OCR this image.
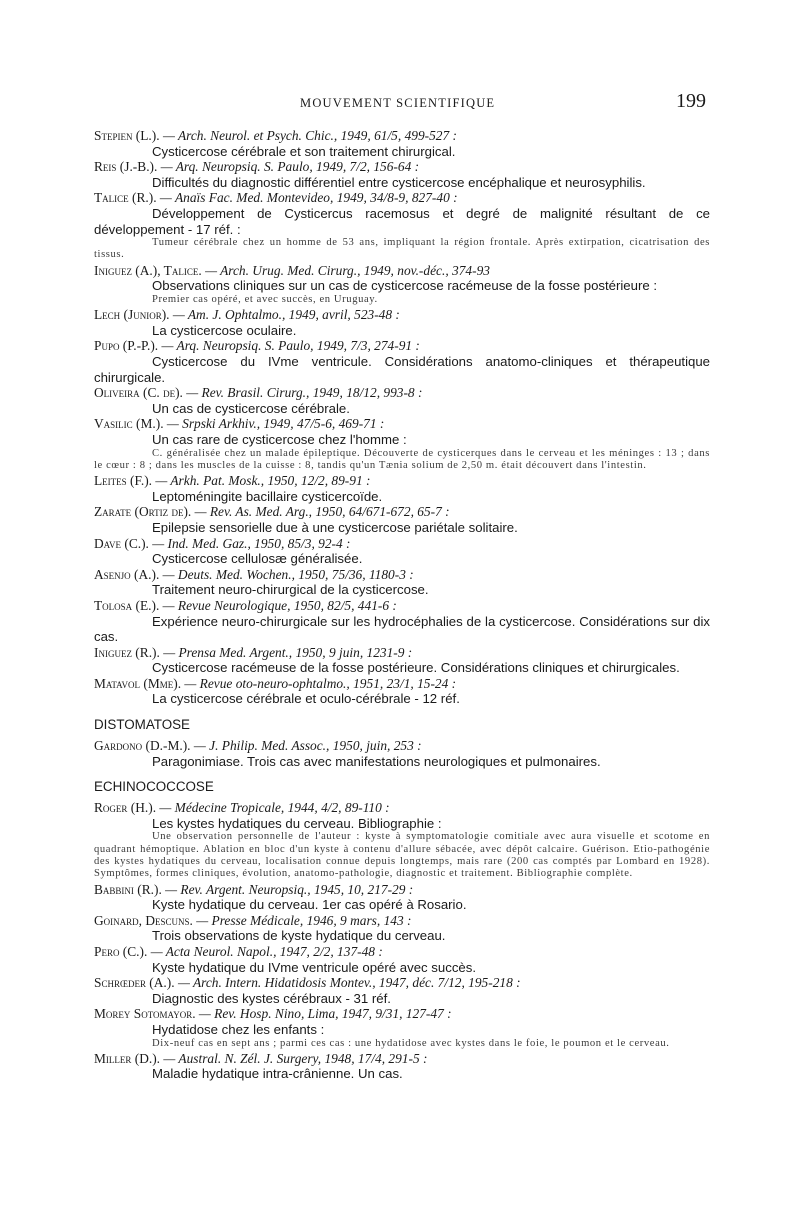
MOUVEMENT SCIENTIFIQUE	199

Stepien (L.). — Arch. Neurol. et Psych. Chic., 1949, 61/5, 499-527 :

Cysticercose cérébrale et son traitement chirurgical.

Reis (J.-B.). — Arq. Neuropsiq. S. Paulo, 1949, 7/2, 156-64 :

Difficultés du diagnostic différentiel entre cysticercose encéphalique et neurosyphilis.

Talice (R.). — Anaïs Fac. Med. Montevideo, 1949, 34/8-9, 827-40 :

Développement de Cysticercus racemosus et degré de malignité résultant de ce développement - 17 réf. :

Tumeur cérébrale chez un homme de 53 ans, impliquant la région frontale. Après extirpation, cicatrisation des tissus.

Iniguez (A.), Talice. — Arch. Urug. Med. Cirurg., 1949, nov.-déc., 374-93

Observations cliniques sur un cas de cysticercose racémeuse de la fosse postérieure :

Premier cas opéré, et avec succès, en Uruguay.

Lech (Junior). — Am. J. Ophtalmo., 1949, avril, 523-48 :

La cysticercose oculaire.

Pupo (P.-P.). — Arq. Neuropsiq. S. Paulo, 1949, 7/3, 274-91 :

Cysticercose du IVme ventricule. Considérations anatomo-cliniques et thérapeutique chirurgicale.

Oliveira (C. de). — Rev. Brasil. Cirurg., 1949, 18/12, 993-8 :

Un cas de cysticercose cérébrale.

Vasilic (M.). — Srpski Arkhiv., 1949, 47/5-6, 469-71 :

Un cas rare de cysticercose chez l'homme :

C. généralisée chez un malade épileptique. Découverte de cysticerques dans le cerveau et les méninges : 13 ; dans le cœur : 8 ; dans les muscles de la cuisse : 8, tandis qu'un Tænia solium de 2,50 m. était découvert dans l'intestin.

Leites (F.). — Arkh. Pat. Mosk., 1950, 12/2, 89-91 :

Leptoméningite bacillaire cysticercoïde.

Zarate (Ortiz de). — Rev. As. Med. Arg., 1950, 64/671-672, 65-7 :

Epilepsie sensorielle due à une cysticercose pariétale solitaire.

Dave (C.). — Ind. Med. Gaz., 1950, 85/3, 92-4 :

Cysticercose cellulosæ généralisée.

Asenjo (A.). — Deuts. Med. Wochen., 1950, 75/36, 1180-3 :

Traitement neuro-chirurgical de la cysticercose.

Tolosa (E.). — Revue Neurologique, 1950, 82/5, 441-6 :

Expérience neuro-chirurgicale sur les hydrocéphalies de la cysticercose. Considérations sur dix cas.

Iniguez (R.). — Prensa Med. Argent., 1950, 9 juin, 1231-9 :

Cysticercose racémeuse de la fosse postérieure. Considérations cliniques et chirurgicales.

Matavol (Mme). — Revue oto-neuro-ophtalmo., 1951, 23/1, 15-24 :

La cysticercose cérébrale et oculo-cérébrale - 12 réf.

DISTOMATOSE

Gardono (D.-M.). — J. Philip. Med. Assoc., 1950, juin, 253 :

Paragonimiase. Trois cas avec manifestations neurologiques et pulmonaires.

ECHINOCOCCOSE

Roger (H.). — Médecine Tropicale, 1944, 4/2, 89-110 :

Les kystes hydatiques du cerveau. Bibliographie :

Une observation personnelle de l'auteur : kyste à symptomatologie comitiale avec aura visuelle et scotome en quadrant hémoptique. Ablation en bloc d'un kyste à contenu d'allure sébacée, avec dépôt calcaire. Guérison. Etio-pathogénie des kystes hydatiques du cerveau, localisation connue depuis longtemps, mais rare (200 cas comptés par Lombard en 1928). Symptômes, formes cliniques, évolution, anatomo-pathologie, diagnostic et traitement. Bibliographie complète.

Babbini (R.). — Rev. Argent. Neuropsiq., 1945, 10, 217-29 :

Kyste hydatique du cerveau. 1er cas opéré à Rosario.

Goinard, Descuns. — Presse Médicale, 1946, 9 mars, 143 :

Trois observations de kyste hydatique du cerveau.

Pero (C.). — Acta Neurol. Napol., 1947, 2/2, 137-48 :

Kyste hydatique du IVme ventricule opéré avec succès.

Schrœder (A.). — Arch. Intern. Hidatidosis Montev., 1947, déc. 7/12, 195-218 :

Diagnostic des kystes cérébraux - 31 réf.

Morey Sotomayor. — Rev. Hosp. Nino, Lima, 1947, 9/31, 127-47 :

Hydatidose chez les enfants :

Dix-neuf cas en sept ans ; parmi ces cas : une hydatidose avec kystes dans le foie, le poumon et le cerveau.

Miller (D.). — Austral. N. Zél. J. Surgery, 1948, 17/4, 291-5 :

Maladie hydatique intra-crânienne. Un cas.
